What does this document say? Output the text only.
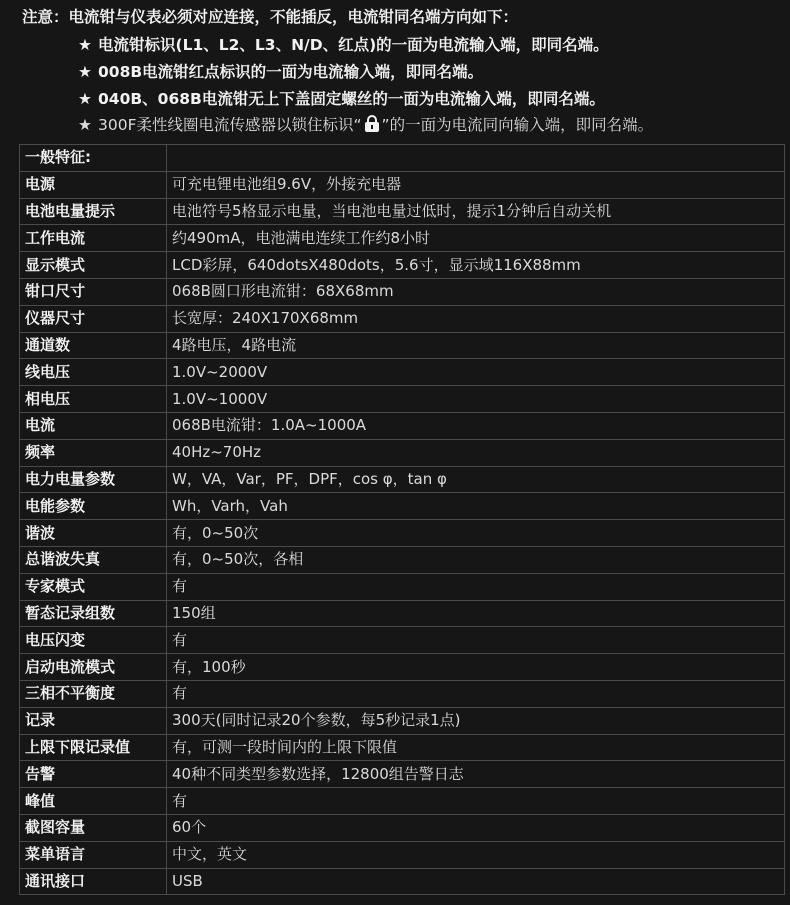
注意：电流钳与仪表必须对应连接，不能插反，电流钳同名端方向如下：
★ 电流钳标识(L1、L2、L3、N/D、红点)的一面为电流输入端，即同名端。
★ 008B电流钳红点标识的一面为电流输入端，即同名端。
★ 040B、068B电流钳无上下盖固定螺丝的一面为电流输入端，即同名端。
★ 300F柔性线圈电流传感器以锁住标识“ ”的一面为电流同向输入端，即同名端。
一般特征:	
电源	可充电锂电池组9.6V，外接充电器
电池电量提示	电池符号5格显示电量，当电池电量过低时，提示1分钟后自动关机
工作电流	约490mA，电池满电连续工作约8小时
显示模式	LCD彩屏，640dotsX480dots，5.6寸，显示域116X88mm
钳口尺寸	068B圆口形电流钳：68X68mm
仪器尺寸	长宽厚：240X170X68mm
通道数	4路电压，4路电流
线电压	1.0V~2000V
相电压	1.0V~1000V
电流	068B电流钳：1.0A~1000A
频率	40Hz~70Hz
电力电量参数	W，VA，Var，PF，DPF，cos φ，tan φ
电能参数	Wh，Varh，Vah
谐波	有，0~50次
总谐波失真	有，0~50次，各相
专家模式	有
暂态记录组数	150组
电压闪变	有
启动电流模式	有，100秒
三相不平衡度	有
记录	300天(同时记录20个参数，每5秒记录1点)
上限下限记录值	有，可测一段时间内的上限下限值
告警	40种不同类型参数选择，12800组告警日志
峰值	有
截图容量	60个
菜单语言	中文，英文
通讯接口	USB
